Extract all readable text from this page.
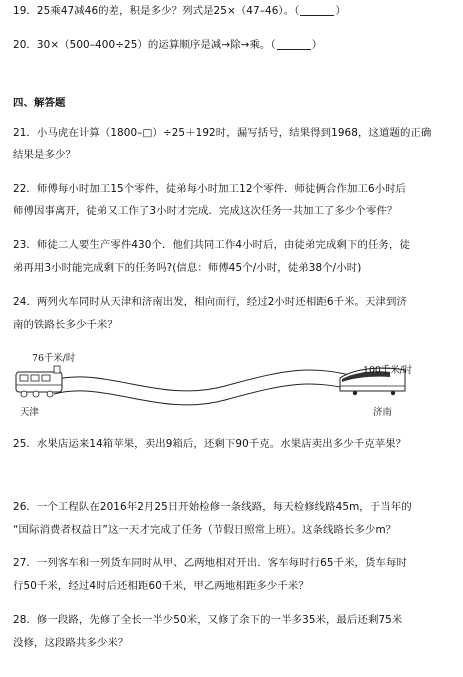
19．25乘47减46的差，积是多少？列式是25×（47–46）。（	）
20．30×（500–400÷25）的运算顺序是减→除→乘。（	）
四、解答题
21．小马虎在计算（1800–□）÷25＋192时，漏写括号，结果得到1968，这道题的正确
结果是多少？
22．师傅每小时加工15个零件，徒弟每小时加工12个零件．师徒俩合作加工6小时后
师傅因事离开，徒弟又工作了3小时才完成．完成这次任务一共加工了多少个零件？
23．师徒二人要生产零件430个．他们共同工作4小时后，由徒弟完成剩下的任务，徒
弟再用3小时能完成剩下的任务吗?(信息：师傅45个/小时，徒弟38个/小时)
24．两列火车同时从天津和济南出发，相向而行，经过2小时还相距6千米。天津到济
南的铁路长多少千米？
76千米/时
100千米/时
天津	济南
25．水果店运来14箱苹果，卖出9箱后，还剩下90千克。水果店卖出多少千克苹果？
26．一个工程队在2016年2月25日开始检修一条线路，每天检修线路45m，于当年的
“国际消费者权益日”这一天才完成了任务（节假日照常上班）。这条线路长多少m？
27．一列客车和一列货车同时从甲、乙两地相对开出．客车每时行65千米，货车每时
行50千米，经过4时后还相距60千米，甲乙两地相距多少千米？
28．修一段路，先修了全长一半少50米，又修了余下的一半多35米，最后还剩75米
没修，这段路共多少米？
